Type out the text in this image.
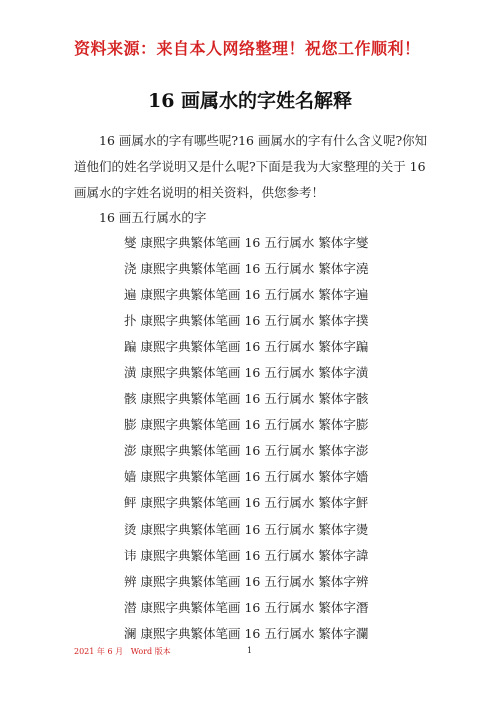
资料来源：来自本人网络整理！祝您工作顺利！
16 画属水的字姓名解释

16 画属水的字有哪些呢?16 画属水的字有什么含义呢?你知道他们的姓名学说明又是什么呢?下面是我为大家整理的关于 16 画属水的字姓名说明的相关资料，供您参考！

16 画五行属水的字
燮 康熙字典繁体笔画 16 五行属水 繁体字燮
浇 康熙字典繁体笔画 16 五行属水 繁体字澆
遍 康熙字典繁体笔画 16 五行属水 繁体字遍
扑 康熙字典繁体笔画 16 五行属水 繁体字撲
蹁 康熙字典繁体笔画 16 五行属水 繁体字蹁
潢 康熙字典繁体笔画 16 五行属水 繁体字潢
骸 康熙字典繁体笔画 16 五行属水 繁体字骸
膨 康熙字典繁体笔画 16 五行属水 繁体字膨
澎 康熙字典繁体笔画 16 五行属水 繁体字澎
嫱 康熙字典繁体笔画 16 五行属水 繁体字嬙
鲆 康熙字典繁体笔画 16 五行属水 繁体字鮃
烫 康熙字典繁体笔画 16 五行属水 繁体字燙
讳 康熙字典繁体笔画 16 五行属水 繁体字諱
辨 康熙字典繁体笔画 16 五行属水 繁体字辨
潜 康熙字典繁体笔画 16 五行属水 繁体字潛
澜 康熙字典繁体笔画 16 五行属水 繁体字瀾
2021 年 6 月 Word 版本	1
